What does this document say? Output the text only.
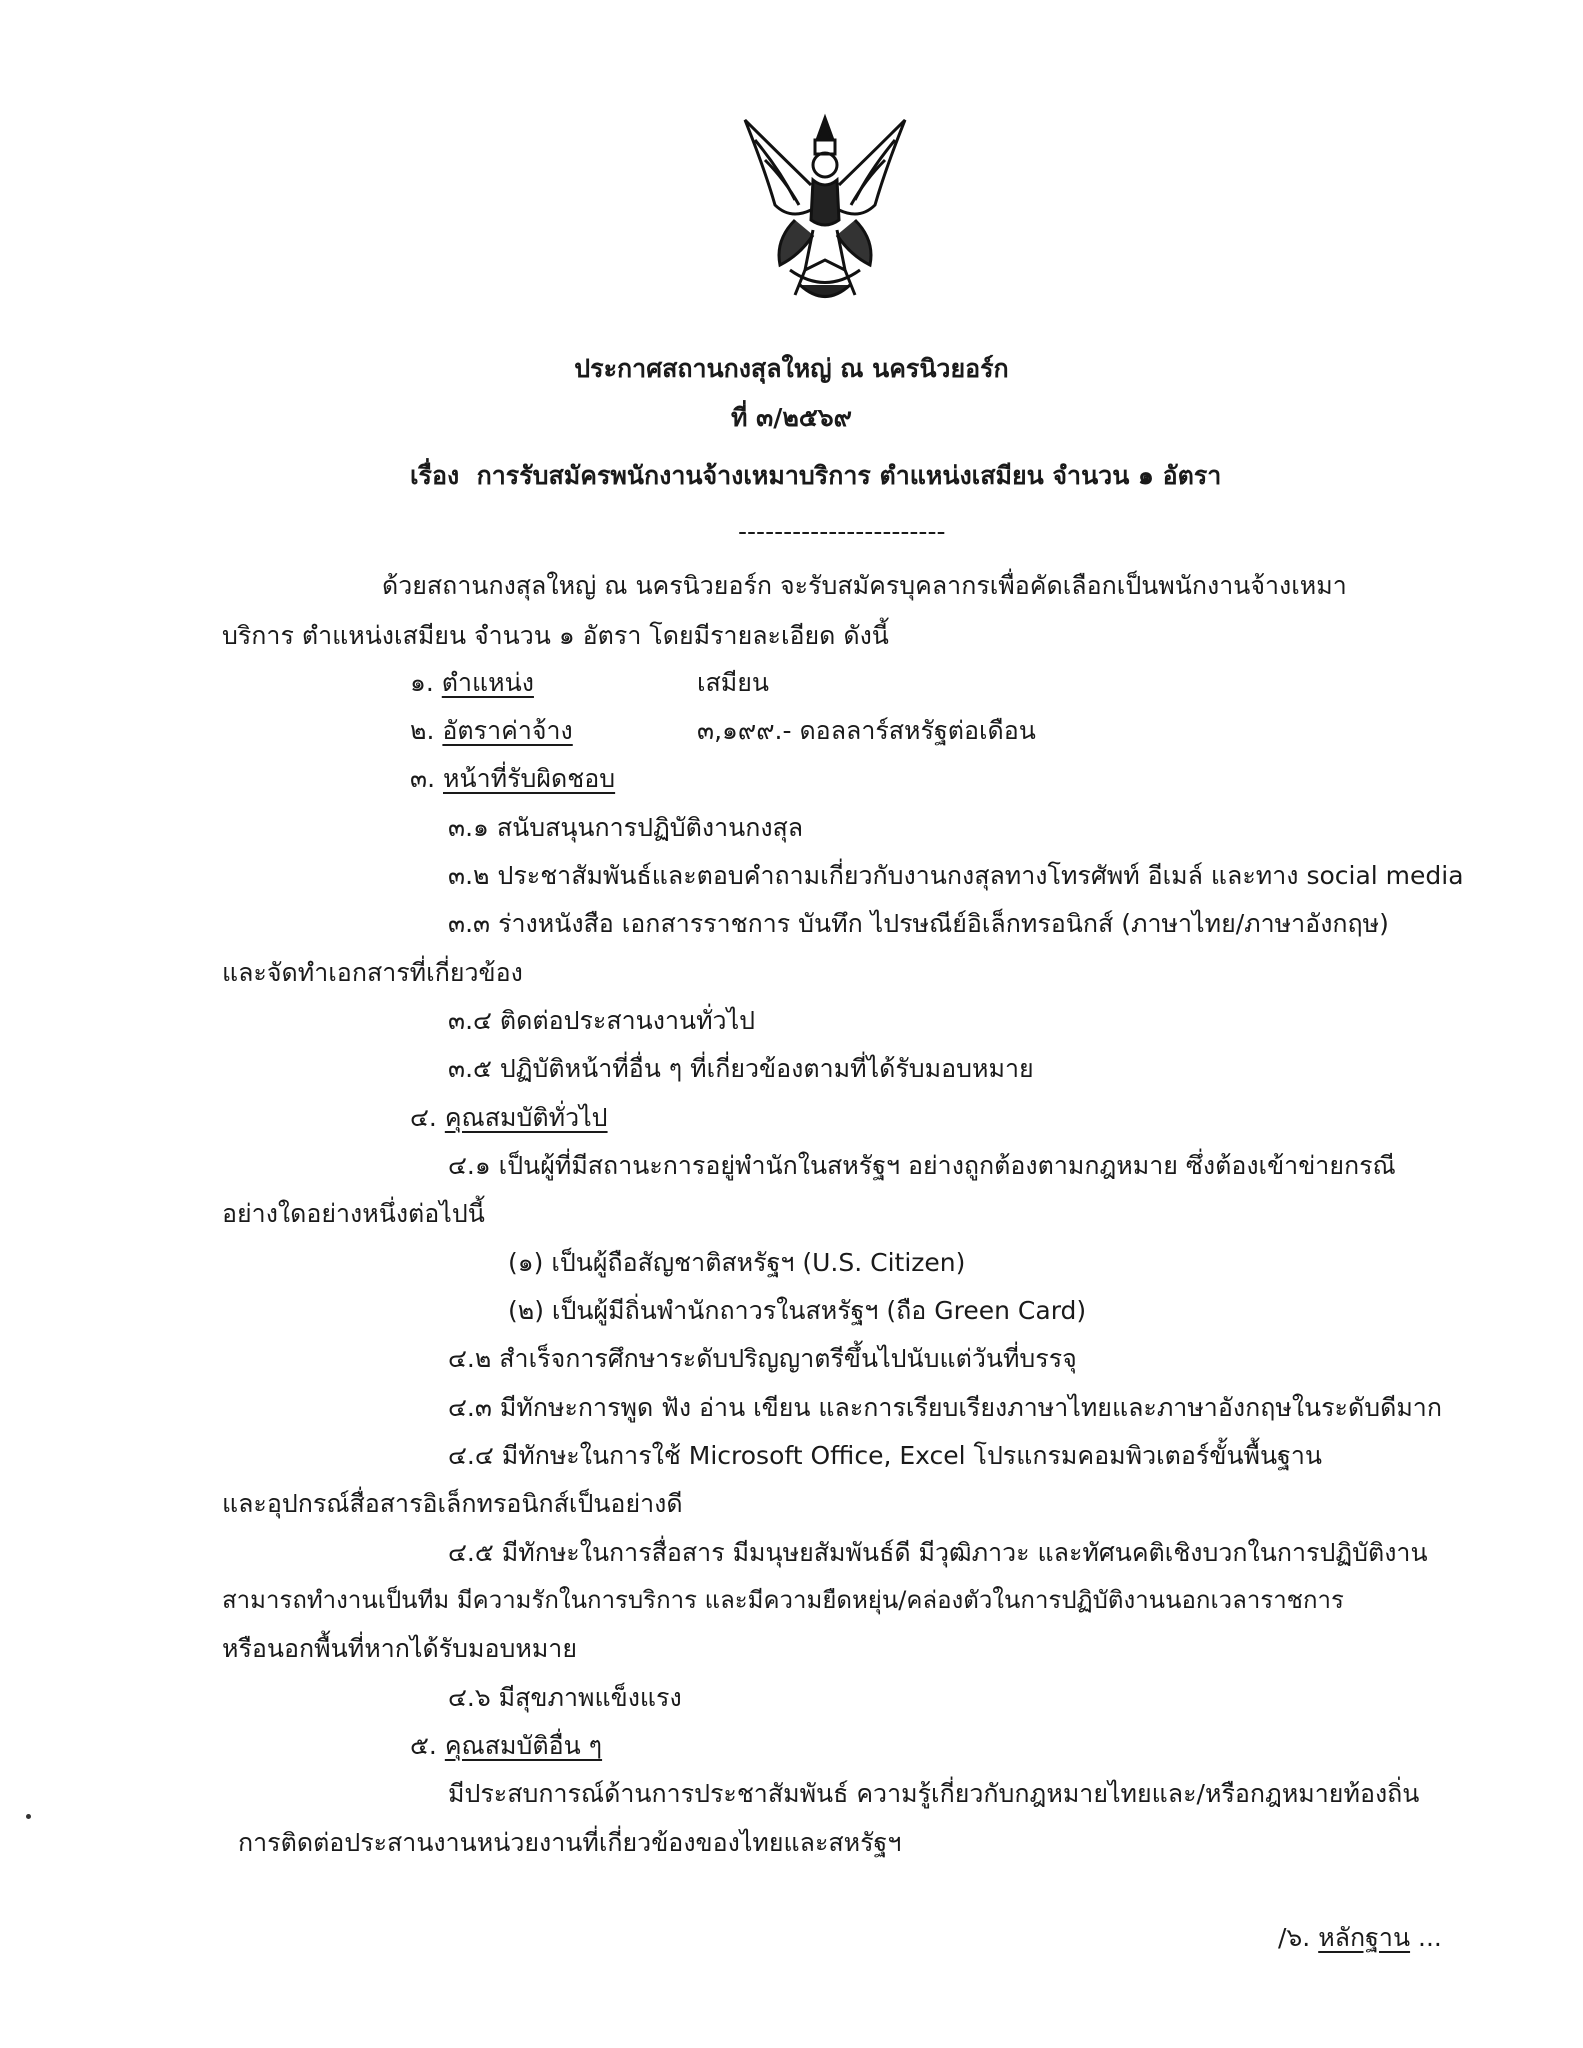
ประกาศสถานกงสุลใหญ่ ณ นครนิวยอร์ก
ที่ ๓/๒๕๖๙
เรื่อง การรับสมัครพนักงานจ้างเหมาบริการ ตำแหน่งเสมียน จำนวน ๑ อัตรา
-----------------------
ด้วยสถานกงสุลใหญ่ ณ นครนิวยอร์ก จะรับสมัครบุคลากรเพื่อคัดเลือกเป็นพนักงานจ้างเหมา
บริการ ตำแหน่งเสมียน จำนวน ๑ อัตรา โดยมีรายละเอียด ดังนี้
๑. ตำแหน่ง	เสมียน
๒. อัตราค่าจ้าง	๓,๑๙๙.- ดอลลาร์สหรัฐต่อเดือน
๓. หน้าที่รับผิดชอบ
๓.๑ สนับสนุนการปฏิบัติงานกงสุล
๓.๒ ประชาสัมพันธ์และตอบคำถามเกี่ยวกับงานกงสุลทางโทรศัพท์ อีเมล์ และทาง social media
๓.๓ ร่างหนังสือ เอกสารราชการ บันทึก ไปรษณีย์อิเล็กทรอนิกส์ (ภาษาไทย/ภาษาอังกฤษ)
และจัดทำเอกสารที่เกี่ยวข้อง
๓.๔ ติดต่อประสานงานทั่วไป
๓.๕ ปฏิบัติหน้าที่อื่น ๆ ที่เกี่ยวข้องตามที่ได้รับมอบหมาย
๔. คุณสมบัติทั่วไป
๔.๑ เป็นผู้ที่มีสถานะการอยู่พำนักในสหรัฐฯ อย่างถูกต้องตามกฎหมาย ซึ่งต้องเข้าข่ายกรณี
อย่างใดอย่างหนึ่งต่อไปนี้
(๑) เป็นผู้ถือสัญชาติสหรัฐฯ (U.S. Citizen)
(๒) เป็นผู้มีถิ่นพำนักถาวรในสหรัฐฯ (ถือ Green Card)
๔.๒ สำเร็จการศึกษาระดับปริญญาตรีขึ้นไปนับแต่วันที่บรรจุ
๔.๓ มีทักษะการพูด ฟัง อ่าน เขียน และการเรียบเรียงภาษาไทยและภาษาอังกฤษในระดับดีมาก
๔.๔ มีทักษะในการใช้ Microsoft Office, Excel โปรแกรมคอมพิวเตอร์ขั้นพื้นฐาน
และอุปกรณ์สื่อสารอิเล็กทรอนิกส์เป็นอย่างดี
๔.๕ มีทักษะในการสื่อสาร มีมนุษยสัมพันธ์ดี มีวุฒิภาวะ และทัศนคติเชิงบวกในการปฏิบัติงาน
สามารถทำงานเป็นทีม มีความรักในการบริการ และมีความยืดหยุ่น/คล่องตัวในการปฏิบัติงานนอกเวลาราชการ
หรือนอกพื้นที่หากได้รับมอบหมาย
๔.๖ มีสุขภาพแข็งแรง
๕. คุณสมบัติอื่น ๆ
มีประสบการณ์ด้านการประชาสัมพันธ์ ความรู้เกี่ยวกับกฎหมายไทยและ/หรือกฎหมายท้องถิ่น
การติดต่อประสานงานหน่วยงานที่เกี่ยวข้องของไทยและสหรัฐฯ
/๖. หลักฐาน ...
